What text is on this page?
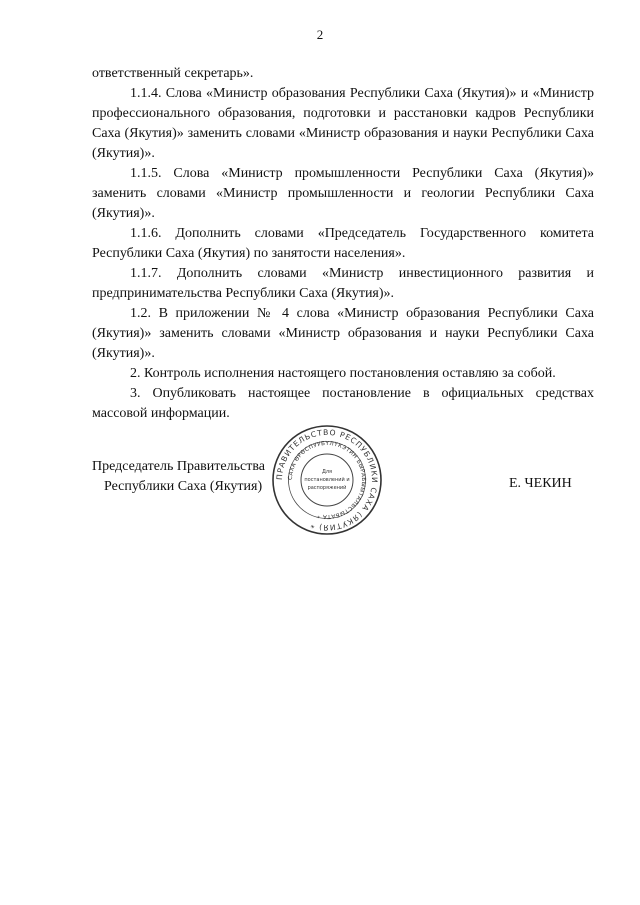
2

ответственный секретарь».

1.1.4. Слова «Министр образования Республики Саха (Якутия)» и «Министр профессионального образования, подготовки и расстановки кадров Республики Саха (Якутия)» заменить словами «Министр образования и науки Республики Саха (Якутия)».

1.1.5. Слова «Министр промышленности Республики Саха (Якутия)» заменить словами «Министр промышленности и геологии Республики Саха (Якутия)».

1.1.6. Дополнить словами «Председатель Государственного комитета Республики Саха (Якутия) по занятости населения».

1.1.7. Дополнить словами «Министр инвестиционного развития и предпринимательства Республики Саха (Якутия)».

1.2. В приложении № 4 слова «Министр образования Республики Саха (Якутия)» заменить словами «Министр образования и науки Республики Саха (Якутия)».

2. Контроль исполнения настоящего постановления оставляю за собой.

3. Опубликовать настоящее постановление в официальных средствах массовой информации.

Председатель Правительства
Республики Саха (Якутия)
ПРАВИТЕЛЬСТВО РЕСПУБЛИКИ САХА (ЯКУТИЯ) *
САХА ӨРӨСПУУБҮЛҮКЭТИН БЫРАБЫЫТАЛЬСТЫБАТА *
Для
постановлений и
распоряжений	Е. ЧЕКИН
